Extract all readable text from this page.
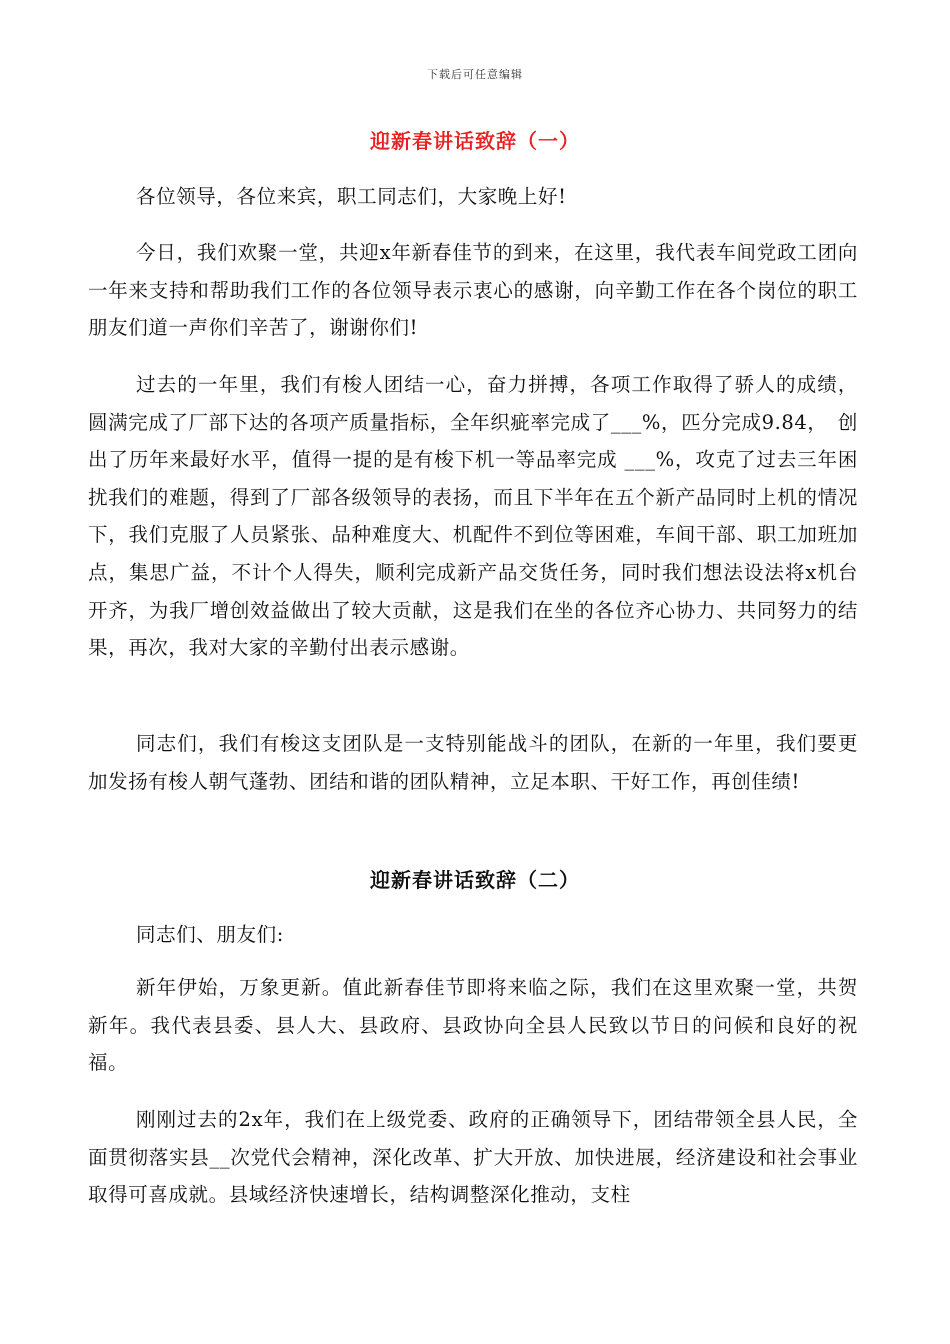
下载后可任意编辑
迎新春讲话致辞（一）

各位领导，各位来宾，职工同志们，大家晚上好!

今日，我们欢聚一堂，共迎x年新春佳节的到来，在这里，我代表车间党政工团向一年来支持和帮助我们工作的各位领导表示衷心的感谢，向辛勤工作在各个岗位的职工朋友们道一声你们辛苦了，谢谢你们!

过去的一年里，我们有梭人团结一心，奋力拼搏，各项工作取得了骄人的成绩，圆满完成了厂部下达的各项产质量指标，全年织疵率完成了___%，匹分完成9.84，　创出了历年来最好水平，值得一提的是有梭下机一等品率完成 ___%，攻克了过去三年困扰我们的难题，得到了厂部各级领导的表扬，而且下半年在五个新产品同时上机的情况下，我们克服了人员紧张、品种难度大、机配件不到位等困难，车间干部、职工加班加点，集思广益，不计个人得失，顺利完成新产品交货任务，同时我们想法设法将x机台开齐，为我厂增创效益做出了较大贡献，这是我们在坐的各位齐心协力、共同努力的结果，再次，我对大家的辛勤付出表示感谢。

同志们，我们有梭这支团队是一支特别能战斗的团队，在新的一年里，我们要更加发扬有梭人朝气蓬勃、团结和谐的团队精神，立足本职、干好工作，再创佳绩!

迎新春讲话致辞（二）

同志们、朋友们:

新年伊始，万象更新。值此新春佳节即将来临之际，我们在这里欢聚一堂，共贺新年。我代表县委、县人大、县政府、县政协向全县人民致以节日的问候和良好的祝福。

刚刚过去的2x年，我们在上级党委、政府的正确领导下，团结带领全县人民，全面贯彻落实县__次党代会精神，深化改革、扩大开放、加快进展，经济建设和社会事业取得可喜成就。县域经济快速增长，结构调整深化推动，支柱
